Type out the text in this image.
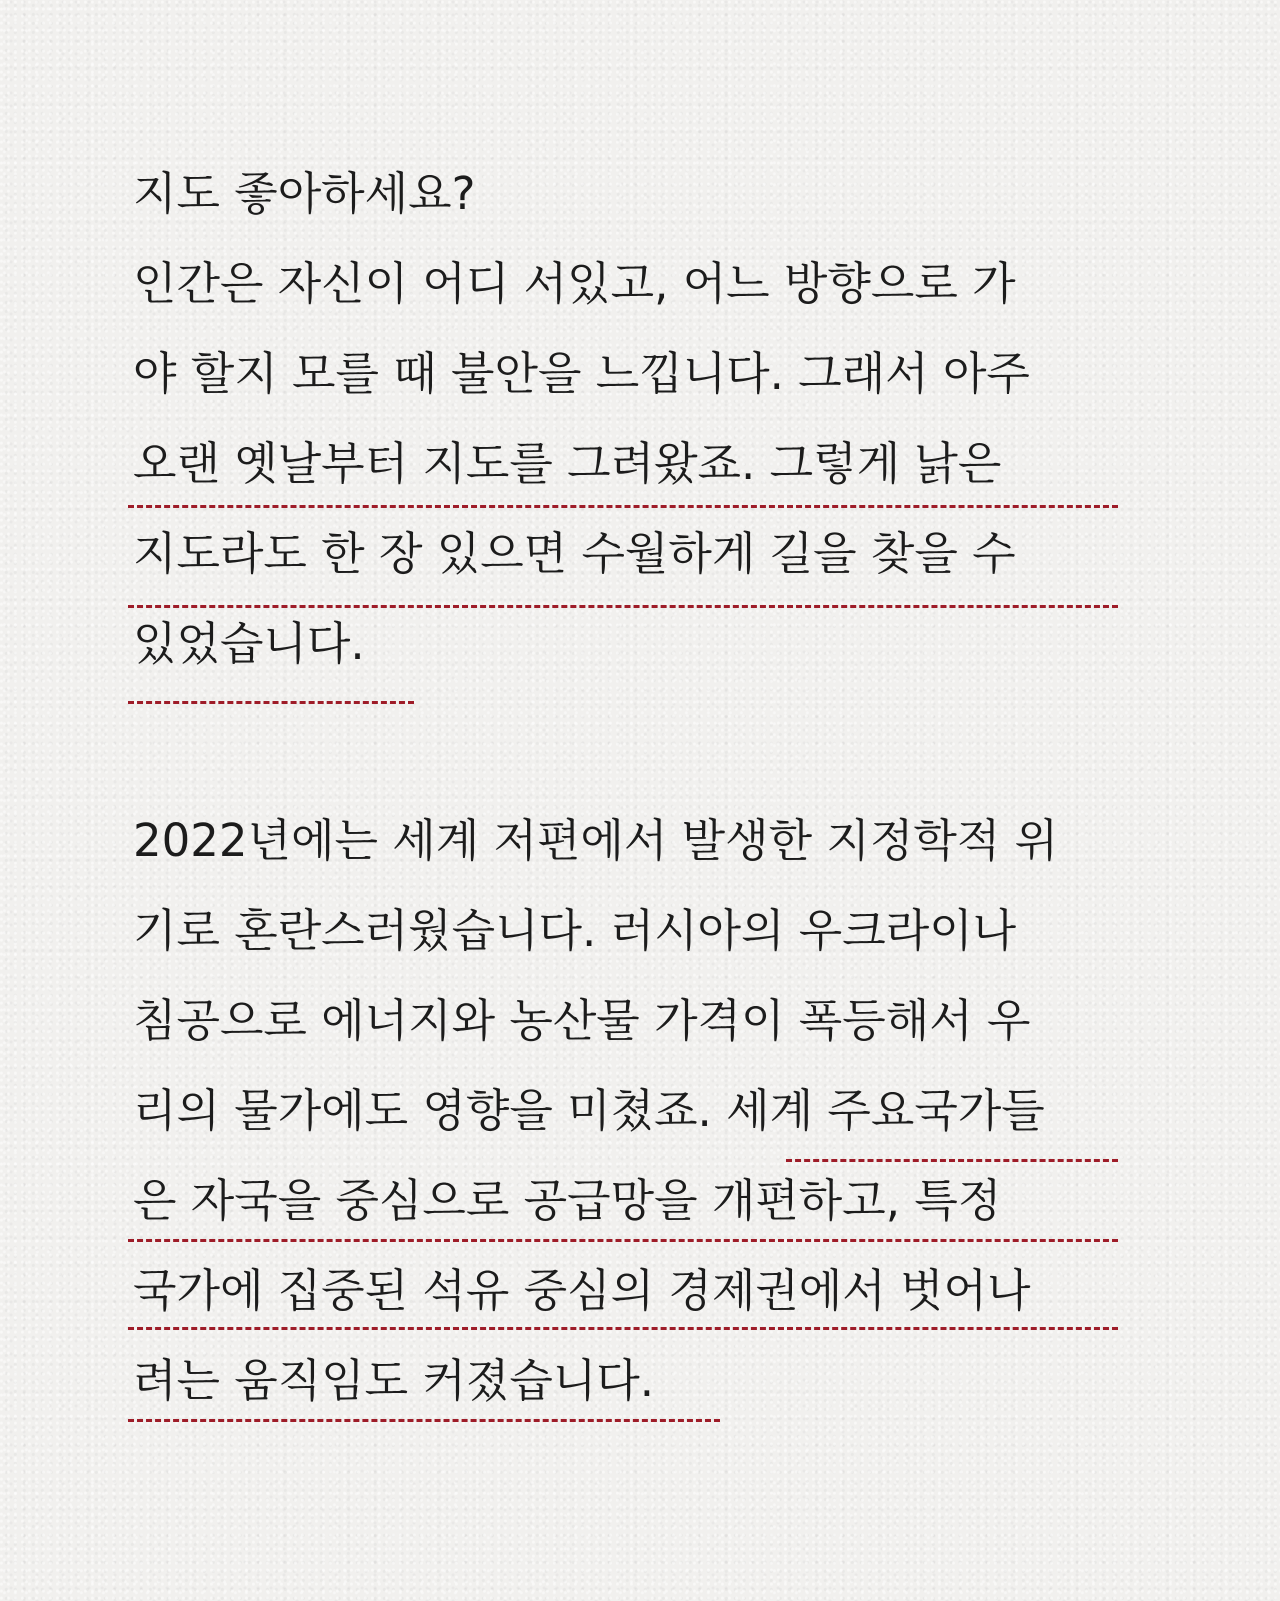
지도 좋아하세요?
인간은 자신이 어디 서있고, 어느 방향으로 가
야 할지 모를 때 불안을 느낍니다. 그래서 아주
오랜 옛날부터 지도를 그려왔죠. 그렇게 낡은
지도라도 한 장 있으면 수월하게 길을 찾을 수
있었습니다.
2022년에는 세계 저편에서 발생한 지정학적 위
기로 혼란스러웠습니다. 러시아의 우크라이나
침공으로 에너지와 농산물 가격이 폭등해서 우
리의 물가에도 영향을 미쳤죠. 세계 주요국가들
은 자국을 중심으로 공급망을 개편하고, 특정
국가에 집중된 석유 중심의 경제권에서 벗어나
려는 움직임도 커졌습니다.
